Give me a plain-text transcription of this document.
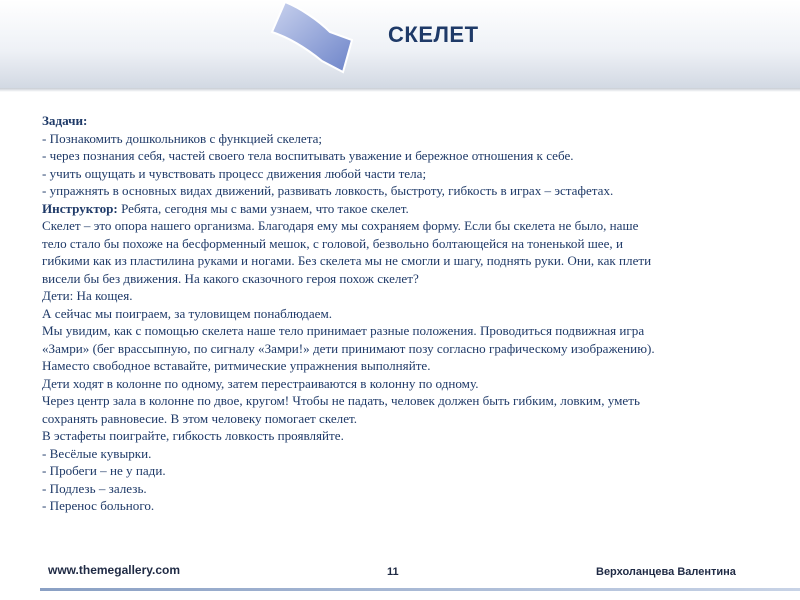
СКЕЛЕТ

Задачи:

- Познакомить дошкольников с функцией скелета;

- через познания себя, частей своего тела воспитывать уважение и бережное отношения к себе.

- учить ощущать и чувствовать процесс движения любой части тела;

- упражнять в основных видах движений, развивать ловкость, быстроту, гибкость в играх – эстафетах.

Инструктор: Ребята, сегодня мы с вами узнаем, что такое скелет.

Скелет – это опора нашего организма. Благодаря ему мы сохраняем форму. Если бы скелета не было, наше

тело стало бы похоже на бесформенный мешок, с головой, безвольно болтающейся на тоненькой шее, и

гибкими как из пластилина руками и ногами. Без скелета мы не смогли и шагу, поднять руки. Они, как плети

висели бы без движения. На какого сказочного героя похож скелет?

Дети: На кощея.

А сейчас мы поиграем, за туловищем понаблюдаем.

Мы увидим, как с помощью скелета наше тело принимает разные положения. Проводиться подвижная игра

«Замри» (бег врассыпную, по сигналу «Замри!» дети принимают позу согласно графическому изображению).

Наместо свободное вставайте, ритмические упражнения выполняйте.

Дети ходят в колонне по одному, затем перестраиваются в колонну по одному.

Через центр зала в колонне по двое, кругом! Чтобы не падать, человек должен быть гибким, ловким, уметь

сохранять равновесие. В этом человеку помогает скелет.

В эстафеты поиграйте, гибкость ловкость проявляйте.

- Весёлые кувырки.

- Пробеги – не у пади.

- Подлезь – залезь.

- Перенос больного.

www.themegallery.com	11	Верхоланцева Валентина
